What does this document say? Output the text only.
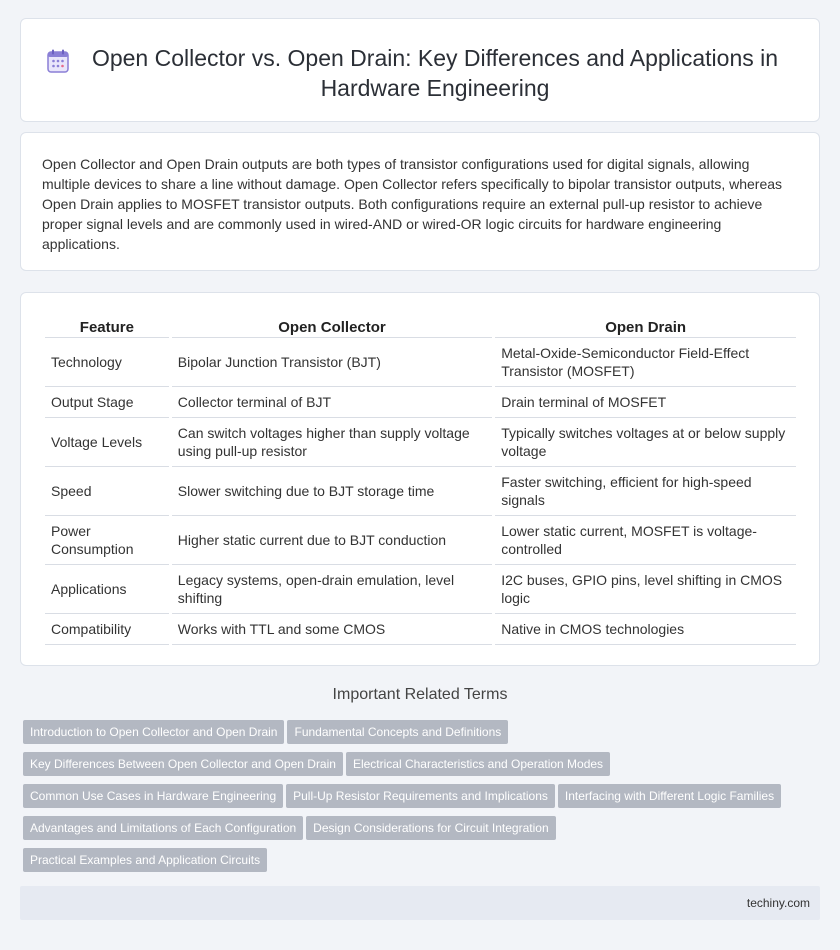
Open Collector vs. Open Drain: Key Differences and Applications in Hardware Engineering

Open Collector and Open Drain outputs are both types of transistor configurations used for digital signals, allowing multiple devices to share a line without damage. Open Collector refers specifically to bipolar transistor outputs, whereas Open Drain applies to MOSFET transistor outputs. Both configurations require an external pull-up resistor to achieve proper signal levels and are commonly used in wired-AND or wired-OR logic circuits for hardware engineering applications.

Feature	Open Collector	Open Drain
Technology	Bipolar Junction Transistor (BJT)	Metal-Oxide-Semiconductor Field-Effect Transistor (MOSFET)
Output Stage	Collector terminal of BJT	Drain terminal of MOSFET
Voltage Levels	Can switch voltages higher than supply voltage using pull-up resistor	Typically switches voltages at or below supply voltage
Speed	Slower switching due to BJT storage time	Faster switching, efficient for high-speed signals
Power Consumption	Higher static current due to BJT conduction	Lower static current, MOSFET is voltage-controlled
Applications	Legacy systems, open-drain emulation, level shifting	I2C buses, GPIO pins, level shifting in CMOS logic
Compatibility	Works with TTL and some CMOS	Native in CMOS technologies
Important Related Terms
Introduction to Open Collector and Open Drain Fundamental Concepts and Definitions
Key Differences Between Open Collector and Open Drain Electrical Characteristics and Operation Modes
Common Use Cases in Hardware Engineering Pull-Up Resistor Requirements and Implications Interfacing with Different Logic Families
Advantages and Limitations of Each Configuration Design Considerations for Circuit Integration
Practical Examples and Application Circuits
techiny.com
